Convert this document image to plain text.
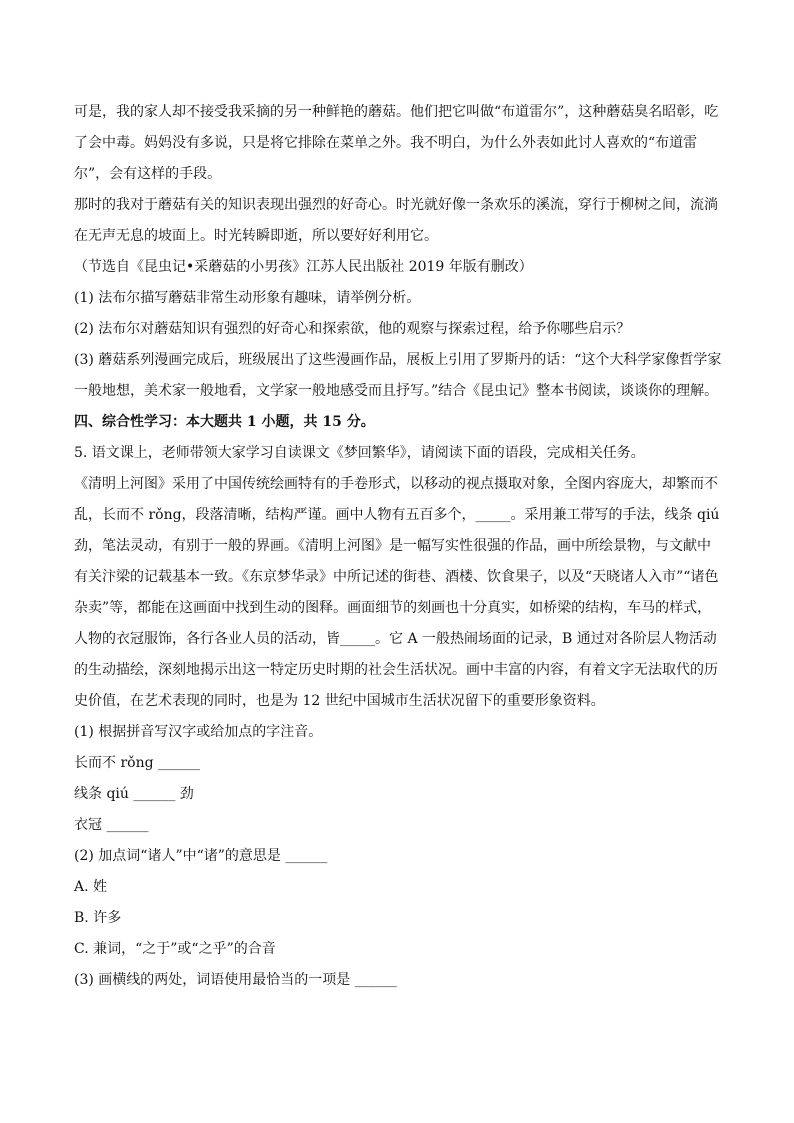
可是，我的家人却不接受我采摘的另一种鲜艳的蘑菇。他们把它叫做“布道雷尔”，这种蘑菇臭名昭彰，吃了会中毒。妈妈没有多说，只是将它排除在菜单之外。我不明白，为什么外表如此讨人喜欢的“布道雷尔”，会有这样的手段。

那时的我对于蘑菇有关的知识表现出强烈的好奇心。时光就好像一条欢乐的溪流，穿行于柳树之间，流淌在无声无息的坡面上。时光转瞬即逝，所以要好好利用它。

（节选自《昆虫记•采蘑菇的小男孩》江苏人民出版社 2019 年版有删改）

(1) 法布尔描写蘑菇非常生动形象有趣味，请举例分析。

(2) 法布尔对蘑菇知识有强烈的好奇心和探索欲，他的观察与探索过程，给予你哪些启示？

(3) 蘑菇系列漫画完成后，班级展出了这些漫画作品，展板上引用了罗斯丹的话：“这个大科学家像哲学家一般地想，美术家一般地看，文学家一般地感受而且抒写。”结合《昆虫记》整本书阅读，谈谈你的理解。

四、综合性学习：本大题共 1 小题，共 15 分。

5. 语文课上，老师带领大家学习自读课文《梦回繁华》，请阅读下面的语段，完成相关任务。

《清明上河图》采用了中国传统绘画特有的手卷形式，以移动的视点摄取对象，全图内容庞大，却繁而不乱，长而不 rǒng，段落清晰，结构严谨。画中人物有五百多个，_____。采用兼工带写的手法，线条 qiú 劲，笔法灵动，有别于一般的界画。《清明上河图》是一幅写实性很强的作品，画中所绘景物，与文献中有关汴梁的记载基本一致。《东京梦华录》中所记述的街巷、酒楼、饮食果子，以及“天晓诸人入市”“诸色杂卖”等，都能在这画面中找到生动的图释。画面细节的刻画也十分真实，如桥梁的结构，车马的样式，人物的衣冠服饰，各行各业人员的活动，皆_____。它 A 一般热闹场面的记录，B 通过对各阶层人物活动的生动描绘，深刻地揭示出这一特定历史时期的社会生活状况。画中丰富的内容，有着文字无法取代的历史价值，在艺术表现的同时，也是为 12 世纪中国城市生活状况留下的重要形象资料。

(1) 根据拼音写汉字或给加点的字注音。

长而不 rǒng ______

线条 qiú ______ 劲

衣冠 ______

(2) 加点词“诸人”中“诸”的意思是 ______

A. 姓

B. 许多

C. 兼词，“之于”或“之乎”的合音

(3) 画横线的两处，词语使用最恰当的一项是 ______
